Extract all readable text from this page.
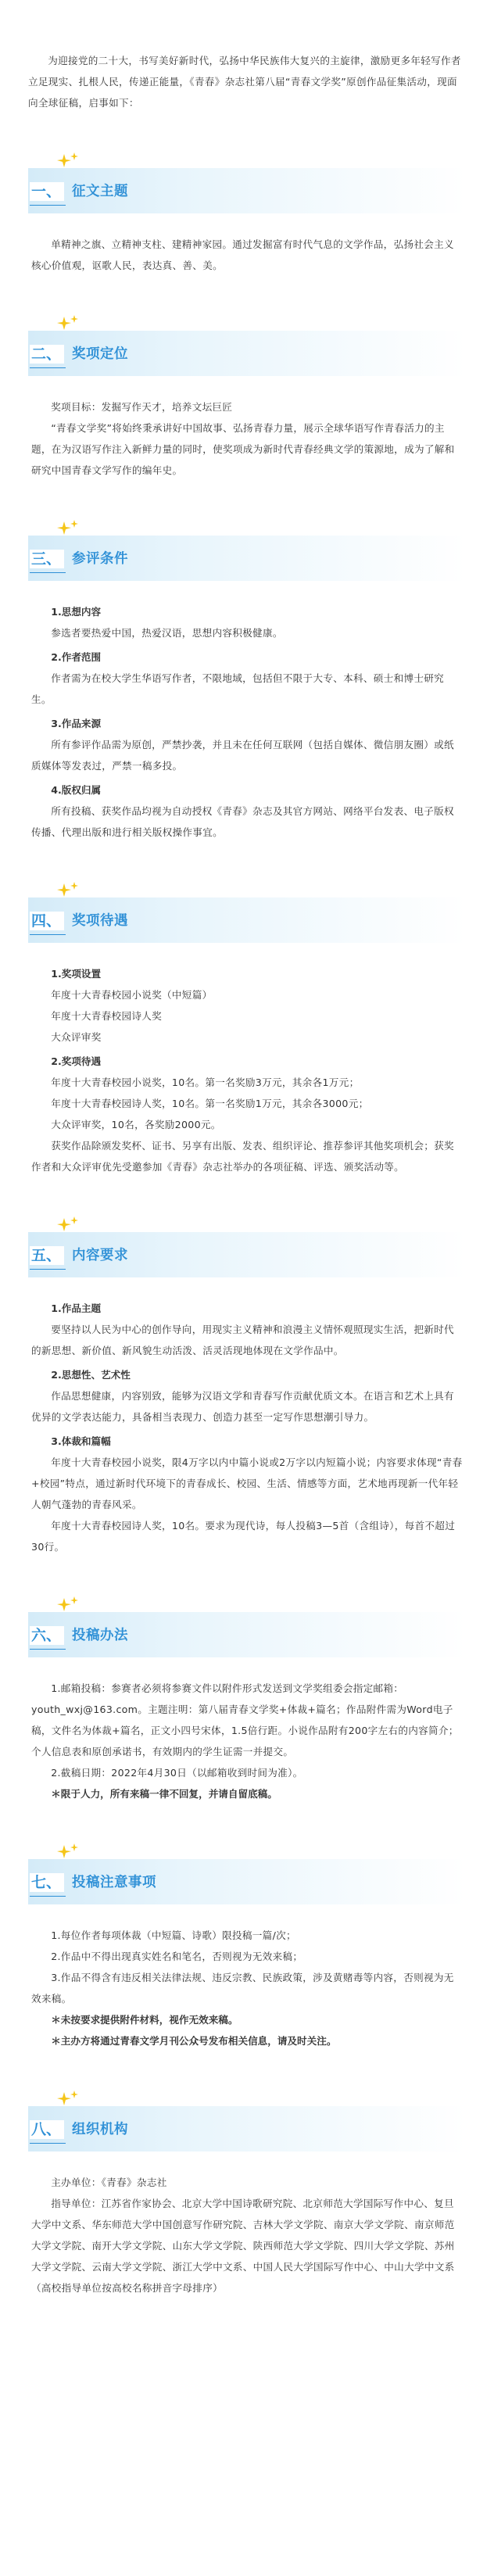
为迎接党的二十大，书写美好新时代，弘扬中华民族伟大复兴的主旋律，激励更多年轻写作者立足现实、扎根人民，传递正能量，《青春》杂志社第八届“青春文学奖”原创作品征集活动，现面向全球征稿，启事如下：

一、 征文主题

单精神之旗、立精神支柱、建精神家园。通过发掘富有时代气息的文学作品，弘扬社会主义核心价值观，讴歌人民，表达真、善、美。

二、 奖项定位

奖项目标：发掘写作天才，培养文坛巨匠

“青春文学奖”将始终秉承讲好中国故事、弘扬青春力量，展示全球华语写作青春活力的主题，在为汉语写作注入新鲜力量的同时，使奖项成为新时代青春经典文学的策源地，成为了解和研究中国青春文学写作的编年史。

三、 参评条件
1.思想内容

参选者要热爱中国，热爱汉语，思想内容积极健康。

2.作者范围

作者需为在校大学生华语写作者，不限地域，包括但不限于大专、本科、硕士和博士研究生。

3.作品来源

所有参评作品需为原创，严禁抄袭，并且未在任何互联网（包括自媒体、微信朋友圈）或纸质媒体等发表过，严禁一稿多投。

4.版权归属

所有投稿、获奖作品均视为自动授权《青春》杂志及其官方网站、网络平台发表、电子版权传播、代理出版和进行相关版权操作事宜。

四、 奖项待遇
1.奖项设置

年度十大青春校园小说奖（中短篇）

年度十大青春校园诗人奖

大众评审奖

2.奖项待遇

年度十大青春校园小说奖，10名。第一名奖励3万元，其余各1万元；

年度十大青春校园诗人奖，10名。第一名奖励1万元，其余各3000元；

大众评审奖，10名，各奖励2000元。

获奖作品除颁发奖杯、证书、另享有出版、发表、组织评论、推荐参评其他奖项机会；获奖作者和大众评审优先受邀参加《青春》杂志社举办的各项征稿、评选、颁奖活动等。

五、 内容要求
1.作品主题

要坚持以人民为中心的创作导向，用现实主义精神和浪漫主义情怀观照现实生活，把新时代的新思想、新价值、新风貌生动活泼、活灵活现地体现在文学作品中。

2.思想性、艺术性

作品思想健康，内容别致，能够为汉语文学和青春写作贡献优质文本。在语言和艺术上具有优异的文学表达能力，具备相当表现力、创造力甚至一定写作思想潮引导力。

3.体裁和篇幅

年度十大青春校园小说奖，限4万字以内中篇小说或2万字以内短篇小说；内容要求体现“青春+校园”特点，通过新时代环境下的青春成长、校园、生活、情感等方面，艺术地再现新一代年轻人朝气蓬勃的青春风采。

年度十大青春校园诗人奖，10名。要求为现代诗，每人投稿3—5首（含组诗），每首不超过30行。

六、 投稿办法

1.邮箱投稿：参赛者必须将参赛文件以附件形式发送到文学奖组委会指定邮箱：youth_wxj@163.com。主题注明：第八届青春文学奖+体裁+篇名；作品附件需为Word电子稿，文件名为体裁+篇名，正文小四号宋体，1.5倍行距。小说作品附有200字左右的内容简介；个人信息表和原创承诺书，有效期内的学生证需一并提交。

2.截稿日期：2022年4月30日（以邮箱收到时间为准）。

＊限于人力，所有来稿一律不回复，并请自留底稿。
七、 投稿注意事项

1.每位作者每项体裁（中短篇、诗歌）限投稿一篇/次；

2.作品中不得出现真实姓名和笔名，否则视为无效来稿；

3.作品不得含有违反相关法律法规、违反宗教、民族政策，涉及黄赌毒等内容，否则视为无效来稿。

＊未按要求提供附件材料，视作无效来稿。
＊主办方将通过青春文学月刊公众号发布相关信息，请及时关注。
八、 组织机构

主办单位：《青春》杂志社

指导单位：江苏省作家协会、北京大学中国诗歌研究院、北京师范大学国际写作中心、复旦大学中文系、华东师范大学中国创意写作研究院、吉林大学文学院、南京大学文学院、南京师范大学文学院、南开大学文学院、山东大学文学院、陕西师范大学文学院、四川大学文学院、苏州大学文学院、云南大学文学院、浙江大学中文系、中国人民大学国际写作中心、中山大学中文系（高校指导单位按高校名称拼音字母排序）
